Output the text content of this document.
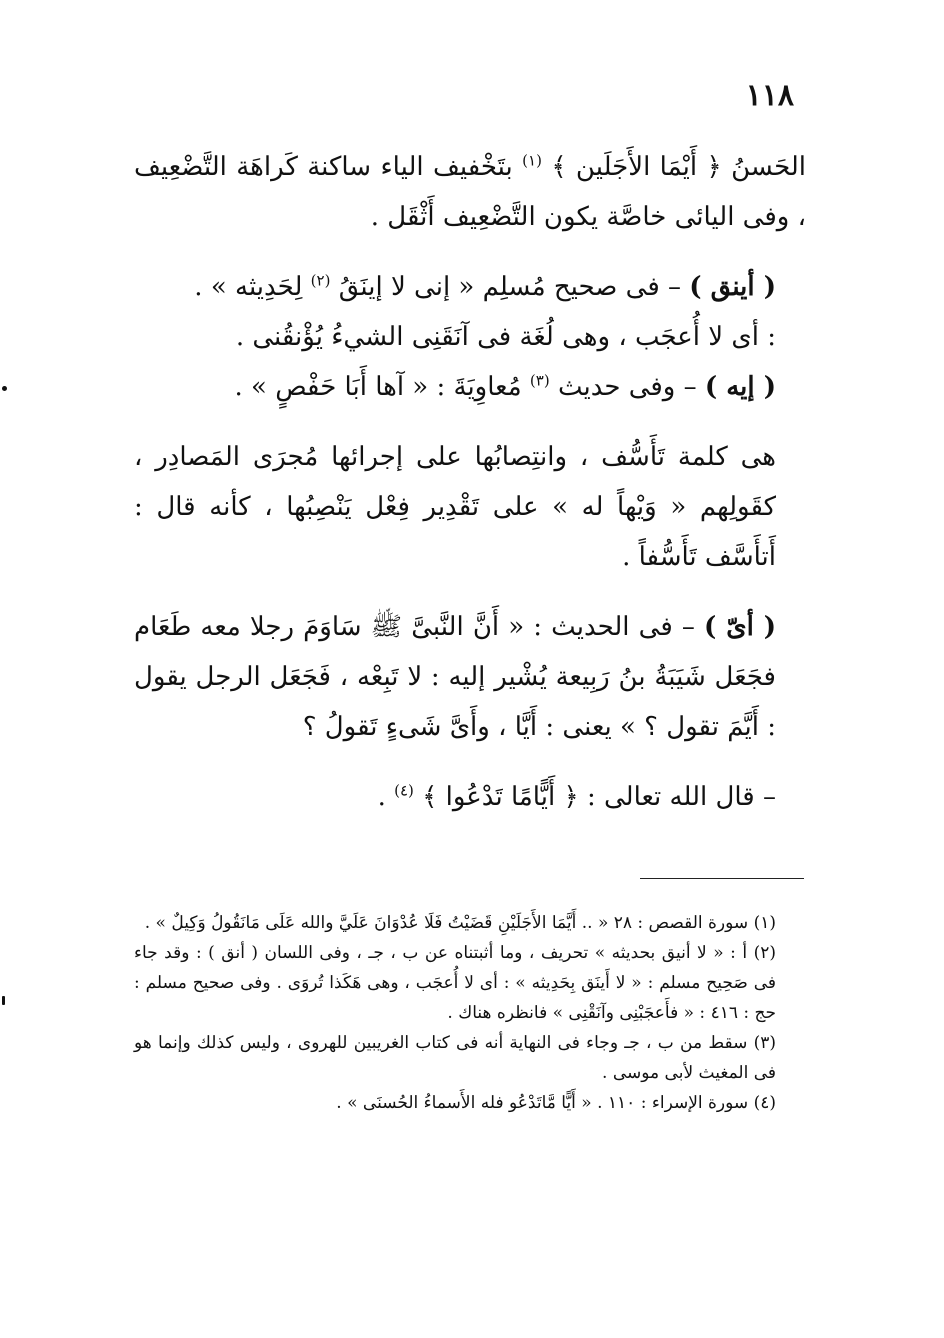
١١٨

الحَسنُ ﴿ أَيْمَا الأَجَلَين ﴾ $^{(١)}$ بتَخْفيف الياء ساكنة كَراهَة التَّضْعِيف ، وفى اليائى خاصَّة يكون التَّضْعِيف أَثْقَل .

( أينق ) – فى صحيح مُسلِم « إنى لا إينَقُ $^{(٢)}$ لِحَدِيثه » .

: أى لا أُعجَب ، وهى لُغَة فى آنَقَنِى الشيءُ يُؤْنقُنى .

( إيه ) – وفى حديث $^{(٣)}$ مُعاوِيَةَ : « آها أَبَا حَفْصٍ » .

هى كلمة تَأَسُّف ، وانتِصابُها على إجرائها مُجرَى المَصادِر ، كقَولِهم « وَيْهاً له » على تَقْدِير فِعْل يَنْصِبُها ، كأنه قال : أَتأَسَّف تَأَسُّفاً .

( أىّ ) – فى الحديث : « أَنَّ النَّبىَّ ﷺ سَاوَمَ رجلا معه طَعَام فجَعَل شَيَبَةُ بنُ رَبِيعة يُشْير إليه : لا تَبِعْه ، فَجَعَل الرجل يقول : أَيَّمَ تقول ؟ » يعنى : أَيَّا ، وأَىَّ شَىءٍ تَقولُ ؟

– قال الله تعالى : ﴿ أَيًّامًا تَدْعُوا ﴾ $^{(٤)}$ .

(١) سورة القصص : ٢٨ « .. أَيَّمَا الأَجَلَيْنِ قَضَيْتُ فَلَا عُدْوَانَ عَلَيَّ والله عَلَى مَانَقُولُ وَكِيلٌ » .

(٢) أ : « لا أنيق بحديثه » تحريف ، وما أثبتناه عن ب ، جـ ، وفى اللسان ( أنق ) : وقد جاء فى صَحِيح مسلم : « لا أَينَق بِحَدِيثه » : أى لا أُعجَب ، وهى هَكَذا تُروَى . وفى صحيح مسلم : حج : ٤١٦ : « فأَعجَبْنِى وآنَقْنِى » فانظره هناك .

(٣) سقط من ب ، جـ وجاء فى النهاية أنه فى كتاب الغريبين للهروى ، وليس كذلك وإنما هو فى المغيث لأبى موسى .

(٤) سورة الإسراء : ١١٠ . « أَيًّا مَّاتَدْعُو فله الأَسماءُ الحُسنَى » .
